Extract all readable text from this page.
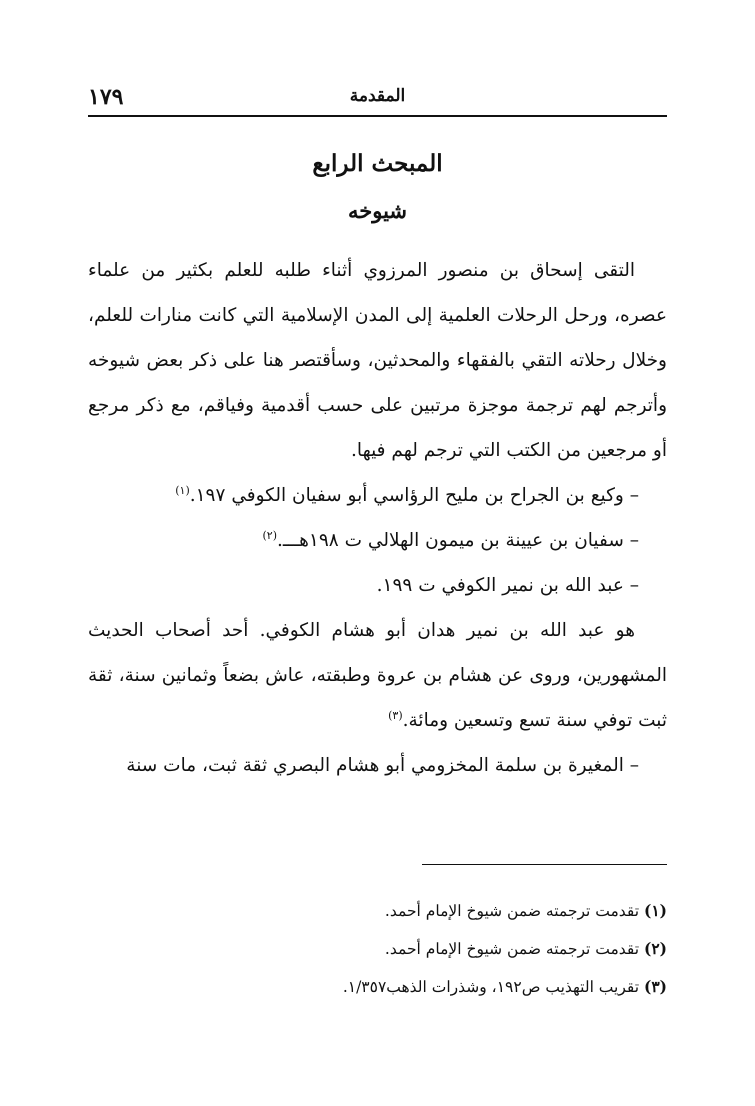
١٧٩	المقدمة
المبحث الرابع
شيوخه

التقى إسحاق بن منصور المرزوي أثناء طلبه للعلم بكثير من علماء عصره، ورحل الرحلات العلمية إلى المدن الإسلامية التي كانت منارات للعلم، وخلال رحلاته التقي بالفقهاء والمحدثين، وسأقتصر هنا على ذكر بعض شيوخه وأترجم لهم ترجمة موجزة مرتبين على حسب أقدمية وفياقم، مع ذكر مرجع أو مرجعين من الكتب التي ترجم لهم فيها.

– وكيع بن الجراح بن مليح الرؤاسي أبو سفيان الكوفي ١٩٧.$^{(١)}$

– سفيان بن عيينة بن ميمون الهلالي ت ١٩٨هـــ.$^{(٢)}$

– عبد الله بن نمير الكوفي ت ١٩٩.

هو عبد الله بن نمير هدان أبو هشام الكوفي. أحد أصحاب الحديث المشهورين، وروى عن هشام بن عروة وطبقته، عاش بضعاً وثمانين سنة، ثقة ثبت توفي سنة تسع وتسعين ومائة.$^{(٣)}$

– المغيرة بن سلمة المخزومي أبو هشام البصري ثقة ثبت، مات سنة

(١) تقدمت ترجمته ضمن شيوخ الإمام أحمد.

(٢) تقدمت ترجمته ضمن شيوخ الإمام أحمد.

(٣) تقريب التهذيب ص١٩٢، وشذرات الذهب١/٣٥٧.
